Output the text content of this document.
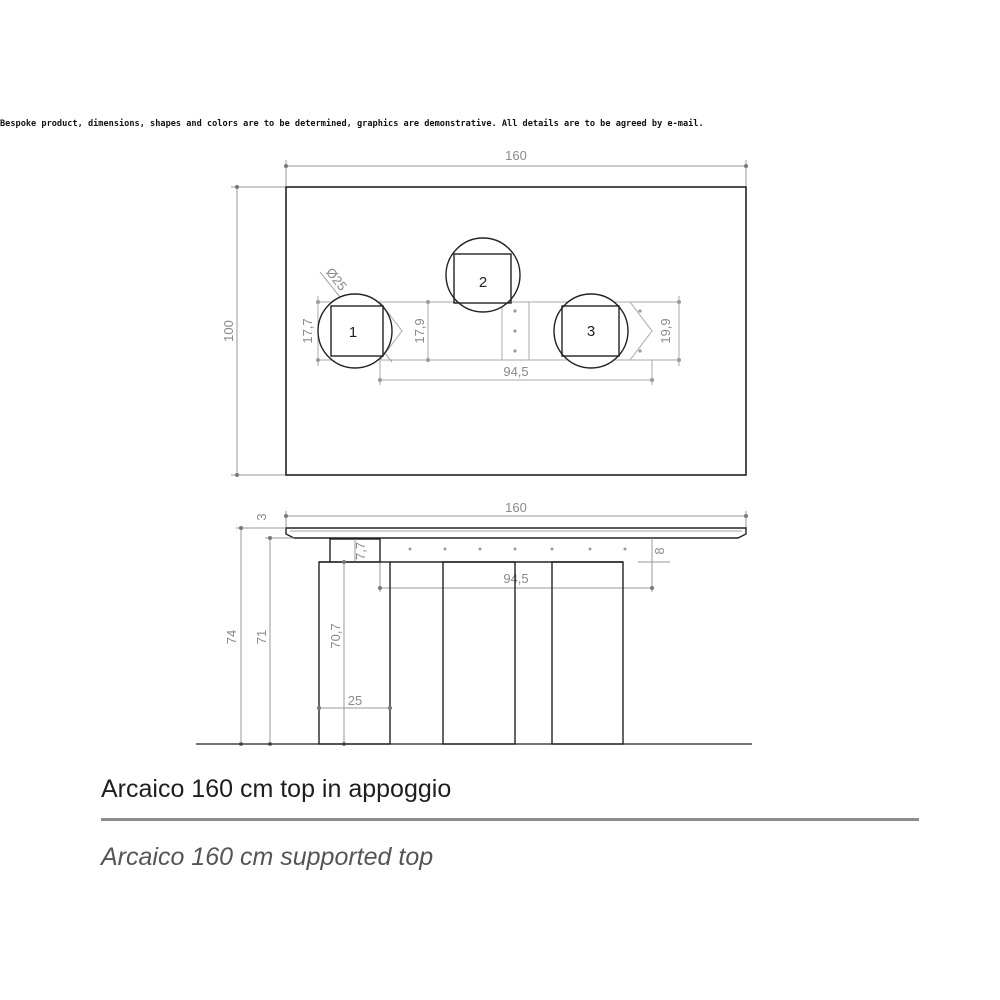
Bespoke product, dimensions, shapes and colors are to be determined, graphics are demonstrative. All details are to be agreed by e-mail.
160
100
94,5
17,7	17,9	19,9
Ø25
1
2
3
160
3
74 71
7,7	8
94,5
70,7
25
Arcaico 160 cm top in appoggio
Arcaico 160 cm supported top
